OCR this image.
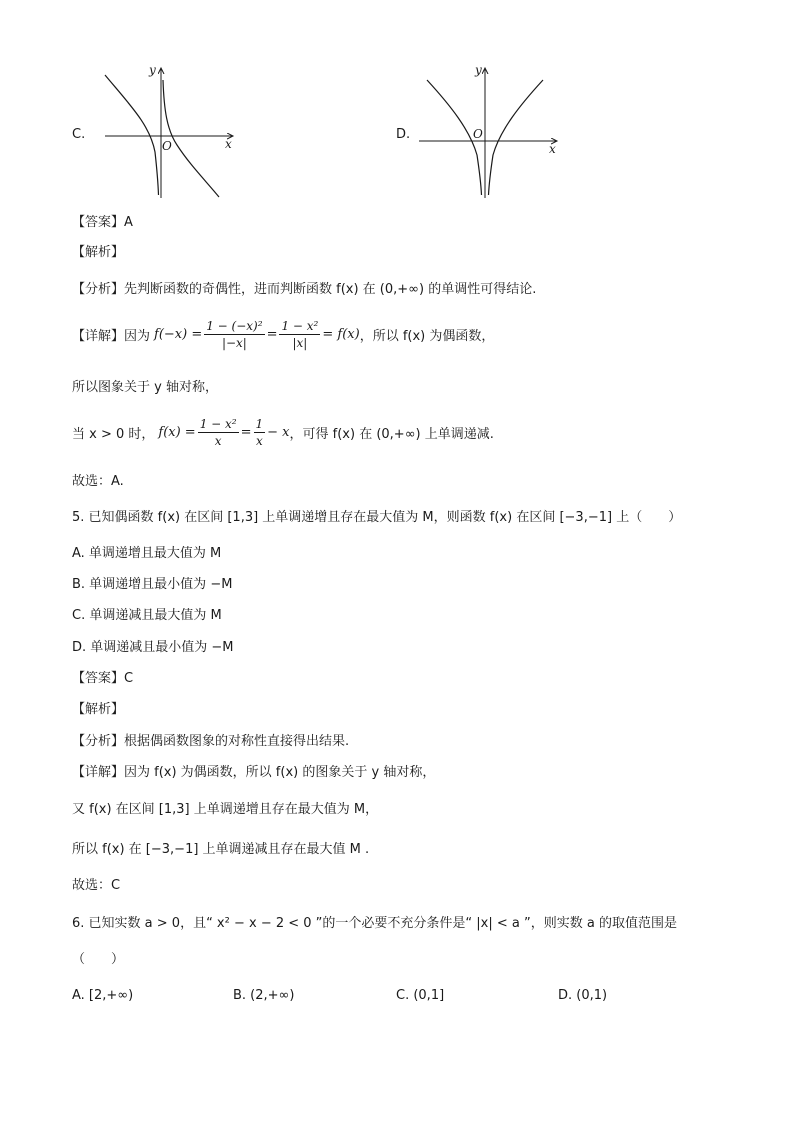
C.
y
x
O
D.
y
x
O
【答案】A
【解析】
【分析】先判断函数的奇偶性，进而判断函数 f(x) 在 (0,+∞) 的单调性可得结论.
【详解】因为 $f(-x) = \frac{\text{1 − (−x)²}}{|-x|} = \frac{\text{1 − x²}}{|x|} = f(x)$ ，所以 f(x) 为偶函数，
所以图象关于 y 轴对称，
当 x > 0 时， $f(x) = \frac{\text{1 − x²}}{x} = \frac{1}{x} - x$ ，可得 f(x) 在 (0,+∞) 上单调递减.
故选：A.
5. 已知偶函数 f(x) 在区间 [1,3] 上单调递增且存在最大值为 M，则函数 f(x) 在区间 [−3,−1] 上（　　）
A. 单调递增且最大值为 M
B. 单调递增且最小值为 −M
C. 单调递减且最大值为 M
D. 单调递减且最小值为 −M
【答案】C
【解析】
【分析】根据偶函数图象的对称性直接得出结果.
【详解】因为 f(x) 为偶函数，所以 f(x) 的图象关于 y 轴对称，
又 f(x) 在区间 [1,3] 上单调递增且存在最大值为 M，
所以 f(x) 在 [−3,−1] 上单调递减且存在最大值 M .
故选：C
6. 已知实数 a > 0，且“ x² − x − 2 < 0 ”的一个必要不充分条件是“ |x| < a ”，则实数 a 的取值范围是
（　　）
A. [2,+∞)	B. (2,+∞)	C. (0,1]	D. (0,1)
